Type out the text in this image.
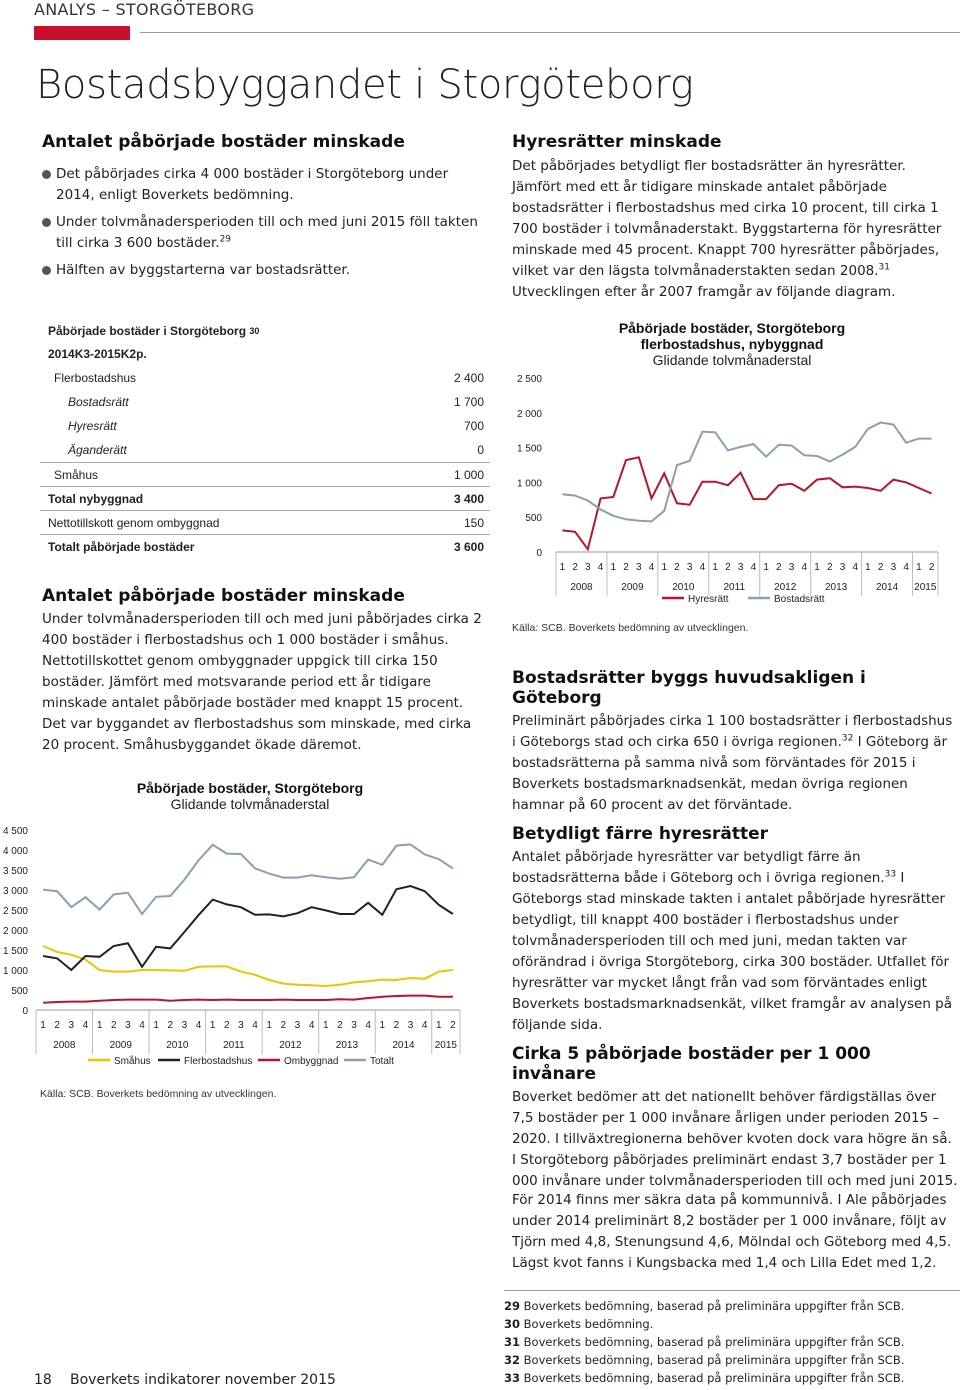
ANALYS – STORGÖTEBORG
Bostadsbyggandet i Storgöteborg
Antalet påbörjade bostäder minskade
Det påbörjades cirka 4 000 bostäder i Storgöteborg under 2014, enligt Boverkets bedömning.
Under tolvmånadersperioden till och med juni 2015 föll takten till cirka 3 600 bostäder.$^{29}$
Hälften av byggstarterna var bostadsrätter.
Hyresrätter minskade

Det påbörjades betydligt fler bostadsrätter än hyresrätter. Jämfört med ett år tidigare minskade antalet påbörjade bostadsrätter i flerbostadshus med cirka 10 procent, till cirka 1 700 bostäder i tolvmånaderstakt. Byggstarterna för hyresrätter minskade med 45 procent. Knappt 700 hyresrätter påbörjades, vilket var den lägsta tolvmånaderstakten sedan 2008.31 Utvecklingen efter år 2007 framgår av följande diagram.

Påbörjade bostäder i Storgöteborg
30
2014K3-2015K2p.
Flerbostadshus	2 400
Bostadsrätt	1 700
Hyresrätt	700
Äganderätt	0
Småhus	1 000
Total nybyggnad	3 400
Nettotillskott genom ombyggnad	150
Totalt påbörjade bostäder	3 600
Antalet påbörjade bostäder minskade

Under tolvmånadersperioden till och med juni påbörjades cirka 2 400 bostäder i flerbostadshus och 1 000 bostäder i småhus. Nettotillskottet genom ombyggnader uppgick till cirka 150 bostäder. Jämfört med motsvarande period ett år tidigare minskade antalet påbörjade bostäder med knappt 15 procent. Det var byggandet av flerbostadshus som minskade, med cirka 20 procent. Småhusbyggandet ökade däremot.

Påbörjade bostäder, Storgöteborg flerbostadshus, nybyggnad
Glidande tolvmånaderstal
0
500
1 000
1 500
2 000
2 500
1 2 3 4 1 2 3 4 1 2 3 4 1 2 3 4 1 2 3 4 1 2 3 4 1 2 3 4 1 2
2008	2009	2010	2011	2012	2013	2014 2015
Hyresrätt	Bostadsrätt
Källa: SCB. Boverkets bedömning av utvecklingen.
Bostadsrätter byggs huvudsakligen i Göteborg

Preliminärt påbörjades cirka 1 100 bostadsrätter i flerbostadshus i Göteborgs stad och cirka 650 i övriga regionen.$^{32}$ I Göteborg är bostadsrätterna på samma nivå som förväntades för 2015 i Boverkets bostadsmarknadsenkät, medan övriga regionen hamnar på 60 procent av det förväntade.

Betydligt färre hyresrätter

Antalet påbörjade hyresrätter var betydligt färre än bostadsrätterna både i Göteborg och i övriga regionen.$^{33}$ I Göteborgs stad minskade takten i antalet påbörjade hyresrätter betydligt, till knappt 400 bostäder i flerbostadshus under tolvmånadersperioden till och med juni, medan takten var oförändrad i övriga Storgöteborg, cirka 300 bostäder. Utfallet för hyresrätter var mycket långt från vad som förväntades enligt Boverkets bostadsmarknadsenkät, vilket framgår av analysen på följande sida.

Cirka 5 påbörjade bostäder per 1 000 invånare

Boverket bedömer att det nationellt behöver färdigställas över 7,5 bostäder per 1 000 invånare årligen under perioden 2015 – 2020. I tillväxtregionerna behöver kvoten dock vara högre än så.

I Storgöteborg påbörjades preliminärt endast 3,7 bostäder per 1 000 invånare under tolvmånadersperioden till och med juni 2015.

För 2014 finns mer säkra data på kommunnivå. I Ale påbörjades under 2014 preliminärt 8,2 bostäder per 1 000 invånare, följt av Tjörn med 4,8, Stenungsund 4,6, Mölndal och Göteborg med 4,5. Lägst kvot fanns i Kungsbacka med 1,4 och Lilla Edet med 1,2.

Påbörjade bostäder, Storgöteborg
Glidande tolvmånaderstal
0
500
1 000
1 500
2 000
2 500
3 000
3 500
4 000
4 500
1 2 3 4 1 2 3 4 1 2 3 4 1 2 3 4 1 2 3 4 1 2 3 4 1 2 3 4 1 2
2008	2009	2010	2011	2012	2013	2014 2015
Småhus	Flerbostadshus	Ombyggnad	Totalt
Källa: SCB. Boverkets bedömning av utvecklingen.
29 Boverkets bedömning, baserad på preliminära uppgifter från SCB.
30 Boverkets bedömning.
31 Boverkets bedömning, baserad på preliminära uppgifter från SCB.
32 Boverkets bedömning, baserad på preliminära uppgifter från SCB.
33 Boverkets bedömning, baserad på preliminära uppgifter från SCB.
18 Boverkets indikatorer november 2015
